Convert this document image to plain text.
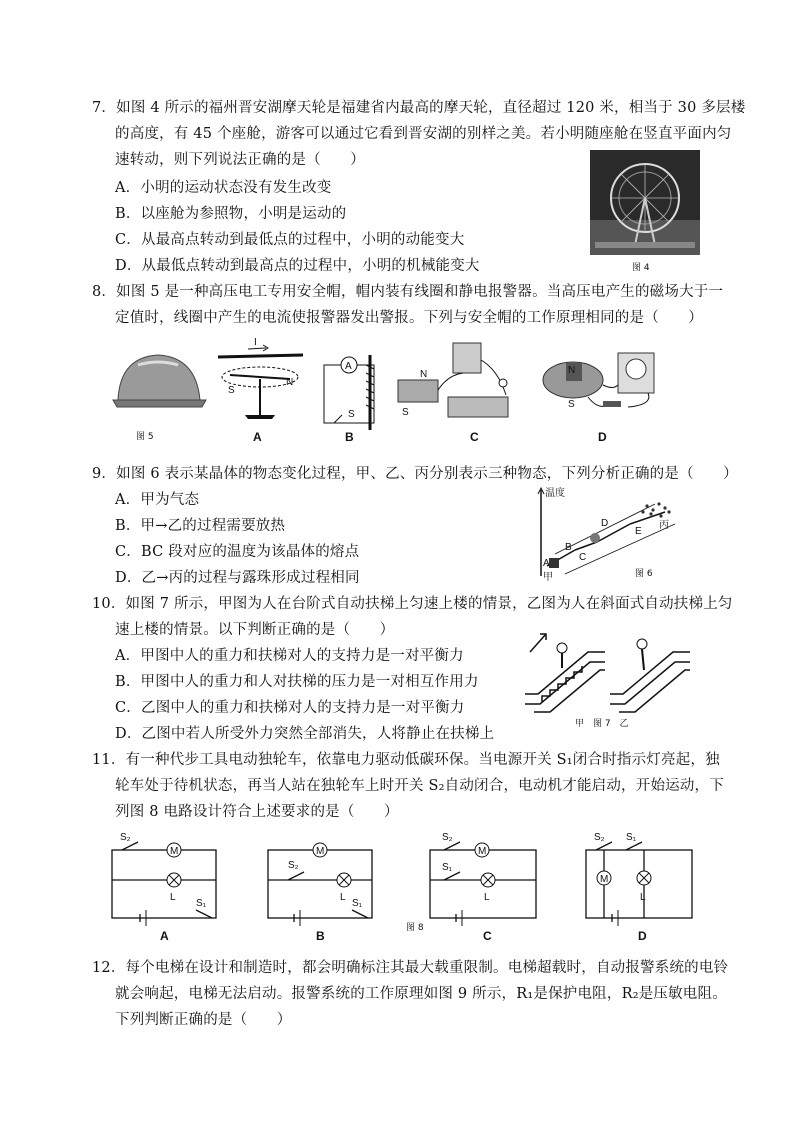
7．如图 4 所示的福州晋安湖摩天轮是福建省内最高的摩天轮，直径超过 120 米，相当于 30 多层楼
的高度，有 45 个座舱，游客可以通过它看到晋安湖的别样之美。若小明随座舱在竖直平面内匀
速转动，则下列说法正确的是（　　）
A．小明的运动状态没有发生改变
B．以座舱为参照物，小明是运动的
C．从最高点转动到最低点的过程中，小明的动能变大
D．从最低点转动到最高点的过程中，小明的机械能变大	图 4
8．如图 5 是一种高压电工专用安全帽，帽内装有线圈和静电报警器。当高压电产生的磁场大于一
定值时，线圈中产生的电流使报警器发出警报。下列与安全帽的工作原理相同的是（　　）
图 5
I
S
N
A
S
N
S
N
S
A	B	C	D
9．如图 6 表示某晶体的物态变化过程，甲、乙、丙分别表示三种物态，下列分析正确的是（　　）
A．甲为气态
B．甲→乙的过程需要放热
C．BC 段对应的温度为该晶体的熔点
D．乙→丙的过程与露珠形成过程相同
温度
A
B
C
D
E
甲
丙
图 6
10．如图 7 所示，甲图为人在台阶式自动扶梯上匀速上楼的情景，乙图为人在斜面式自动扶梯上匀
速上楼的情景。以下判断正确的是（　　）
A．甲图中人的重力和扶梯对人的支持力是一对平衡力
B．甲图中人的重力和人对扶梯的压力是一对相互作用力
C．乙图中人的重力和扶梯对人的支持力是一对平衡力
D．乙图中若人所受外力突然全部消失，人将静止在扶梯上
甲　图 7　乙
11．有一种代步工具电动独轮车，依靠电力驱动低碳环保。当电源开关 S₁闭合时指示灯亮起，独
轮车处于待机状态，再当人站在独轮车上时开关 S₂自动闭合，电动机才能启动，开始运动，下
列图 8 电路设计符合上述要求的是（　　）
M
L
S₂
S₁
M
L
S₂
S₁
M
L
S₂
S₁
M
L
S₂ S₁
A	B	C	D
图 8
12．每个电梯在设计和制造时，都会明确标注其最大载重限制。电梯超载时，自动报警系统的电铃
就会响起，电梯无法启动。报警系统的工作原理如图 9 所示，R₁是保护电阻，R₂是压敏电阻。
下列判断正确的是（　　）
